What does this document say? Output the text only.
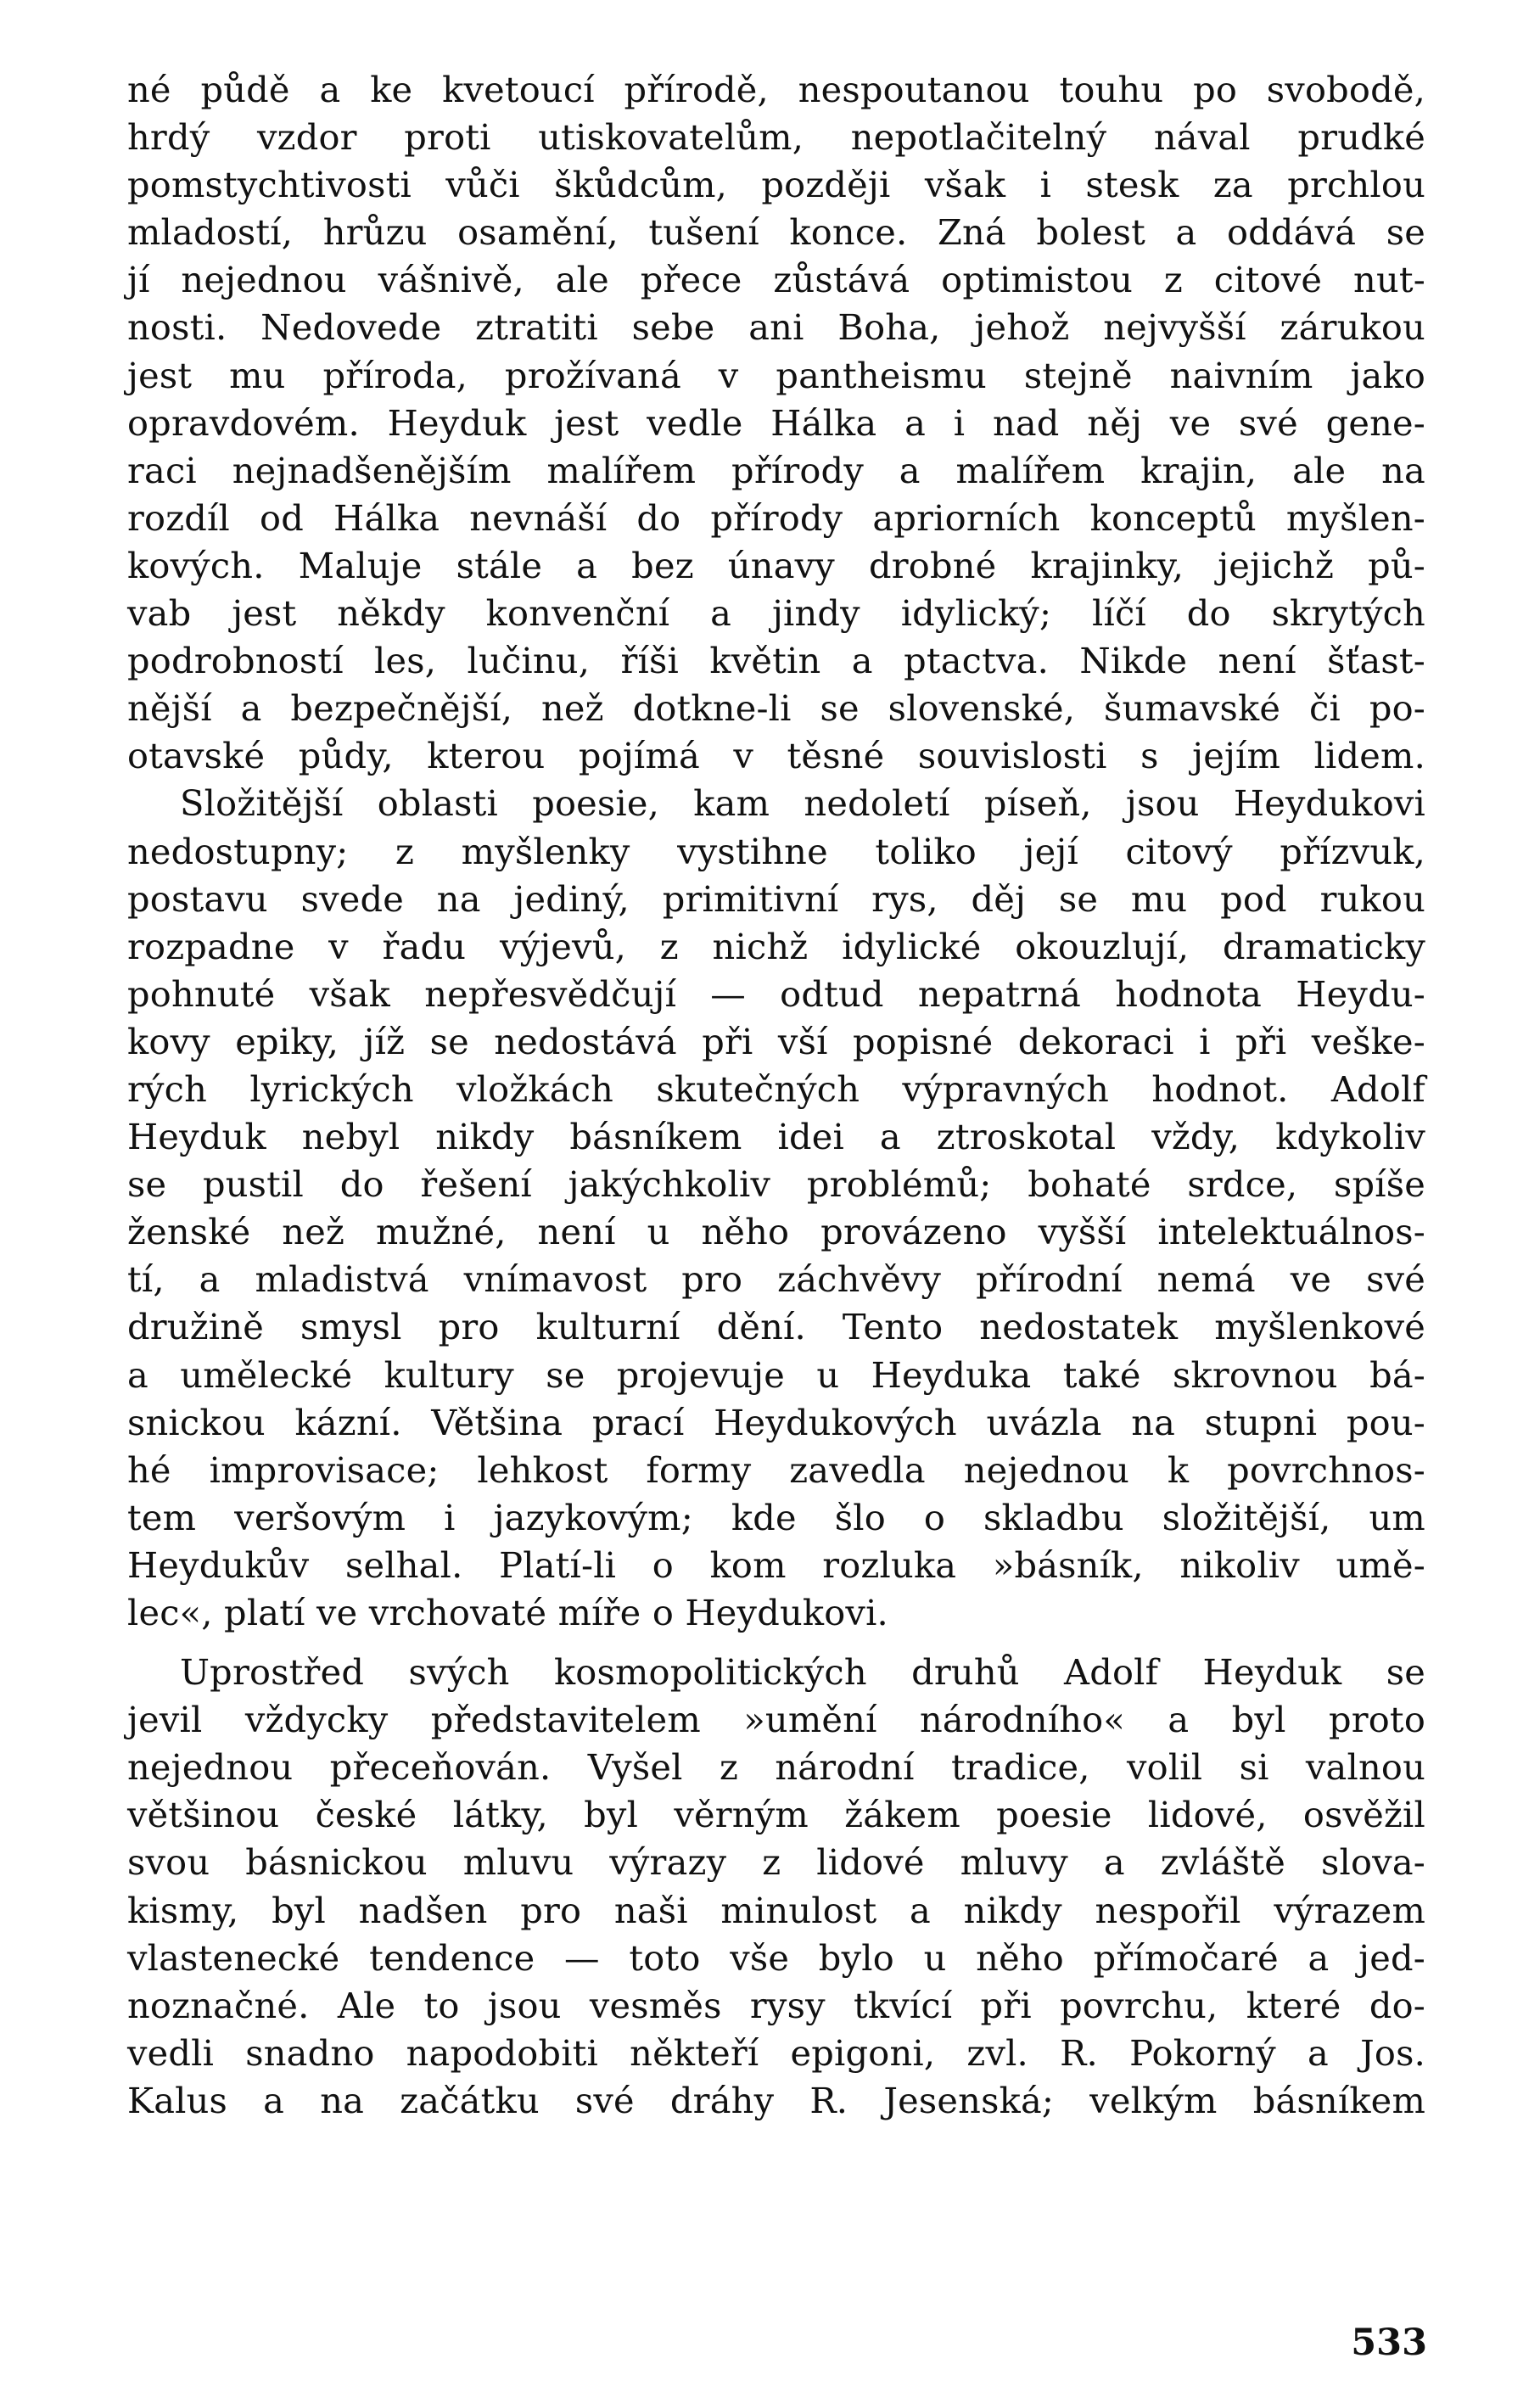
né půdě a ke kvetoucí přírodě, nespoutanou touhu po svobodě,
hrdý vzdor proti utiskovatelům, nepotlačitelný nával prudké
pomstychtivosti vůči škůdcům, později však i stesk za prchlou
mladostí, hrůzu osamění, tušení konce. Zná bolest a oddává se
jí nejednou vášnivě, ale přece zůstává optimistou z citové nut-
nosti. Nedovede ztratiti sebe ani Boha, jehož nejvyšší zárukou
jest mu příroda, prožívaná v pantheismu stejně naivním jako
opravdovém. Heyduk jest vedle Hálka a i nad něj ve své gene-
raci nejnadšenějším malířem přírody a malířem krajin, ale na
rozdíl od Hálka nevnáší do přírody apriorních konceptů myšlen-
kových. Maluje stále a bez únavy drobné krajinky, jejichž pů-
vab jest někdy konvenční a jindy idylický; líčí do skrytých
podrobností les, lučinu, říši květin a ptactva. Nikde není šťast-
nější a bezpečnější, než dotkne-li se slovenské, šumavské či po-
otavské půdy, kterou pojímá v těsné souvislosti s jejím lidem.
Složitější oblasti poesie, kam nedoletí píseň, jsou Heydukovi
nedostupny; z myšlenky vystihne toliko její citový přízvuk,
postavu svede na jediný, primitivní rys, děj se mu pod rukou
rozpadne v řadu výjevů, z nichž idylické okouzlují, dramaticky
pohnuté však nepřesvědčují — odtud nepatrná hodnota Heydu-
kovy epiky, jíž se nedostává při vší popisné dekoraci i při veške-
rých lyrických vložkách skutečných výpravných hodnot. Adolf
Heyduk nebyl nikdy básníkem idei a ztroskotal vždy, kdykoliv
se pustil do řešení jakýchkoliv problémů; bohaté srdce, spíše
ženské než mužné, není u něho provázeno vyšší intelektuálnos-
tí, a mladistvá vnímavost pro záchvěvy přírodní nemá ve své
družině smysl pro kulturní dění. Tento nedostatek myšlenkové
a umělecké kultury se projevuje u Heyduka také skrovnou bá-
snickou kázní. Většina prací Heydukových uvázla na stupni pou-
hé improvisace; lehkost formy zavedla nejednou k povrchnos-
tem veršovým i jazykovým; kde šlo o skladbu složitější, um
Heydukův selhal. Platí-li o kom rozluka »básník, nikoliv umě-
lec«, platí ve vrchovaté míře o Heydukovi.
Uprostřed svých kosmopolitických druhů Adolf Heyduk se
jevil vždycky představitelem »umění národního« a byl proto
nejednou přeceňován. Vyšel z národní tradice, volil si valnou
většinou české látky, byl věrným žákem poesie lidové, osvěžil
svou básnickou mluvu výrazy z lidové mluvy a zvláště slova-
kismy, byl nadšen pro naši minulost a nikdy nespořil výrazem
vlastenecké tendence — toto vše bylo u něho přímočaré a jed-
noznačné. Ale to jsou vesměs rysy tkvící při povrchu, které do-
vedli snadno napodobiti někteří epigoni, zvl. R. Pokorný a Jos.
Kalus a na začátku své dráhy R. Jesenská; velkým básníkem
533
